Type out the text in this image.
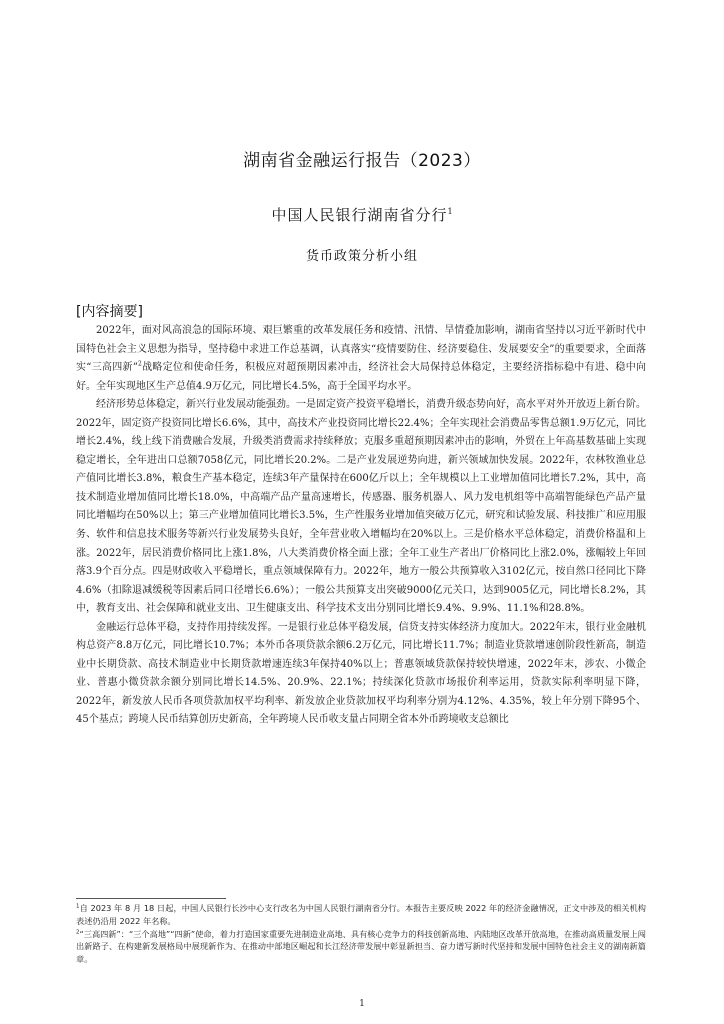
湖南省金融运行报告（2023）
中国人民银行湖南省分行$^1$
货币政策分析小组
[内容摘要]

2022年，面对风高浪急的国际环境、艰巨繁重的改革发展任务和疫情、汛情、旱情叠加影响，湖南省坚持以习近平新时代中国特色社会主义思想为指导，坚持稳中求进工作总基调，认真落实“疫情要防住、经济要稳住、发展要安全”的重要要求，全面落实“三高四新”$^2$战略定位和使命任务，积极应对超预期因素冲击，经济社会大局保持总体稳定，主要经济指标稳中有进、稳中向好。全年实现地区生产总值4.9万亿元，同比增长4.5%，高于全国平均水平。

经济形势总体稳定，新兴行业发展动能强劲。一是固定资产投资平稳增长，消费升级态势向好，高水平对外开放迈上新台阶。2022年，固定资产投资同比增长6.6%，其中，高技术产业投资同比增长22.4%；全年实现社会消费品零售总额1.9万亿元，同比增长2.4%，线上线下消费融合发展，升级类消费需求持续释放；克服多重超预期因素冲击的影响，外贸在上年高基数基础上实现稳定增长，全年进出口总额7058亿元，同比增长20.2%。二是产业发展逆势向进，新兴领域加快发展。2022年，农林牧渔业总产值同比增长3.8%，粮食生产基本稳定，连续3年产量保持在600亿斤以上；全年规模以上工业增加值同比增长7.2%，其中，高技术制造业增加值同比增长18.0%，中高端产品产量高速增长，传感器、服务机器人、风力发电机组等中高端智能绿色产品产量同比增幅均在50%以上；第三产业增加值同比增长3.5%，生产性服务业增加值突破万亿元，研究和试验发展、科技推广和应用服务、软件和信息技术服务等新兴行业发展势头良好，全年营业收入增幅均在20%以上。三是价格水平总体稳定，消费价格温和上涨。2022年，居民消费价格同比上涨1.8%，八大类消费价格全面上涨；全年工业生产者出厂价格同比上涨2.0%，涨幅较上年回落3.9个百分点。四是财政收入平稳增长，重点领域保障有力。2022年，地方一般公共预算收入3102亿元，按自然口径同比下降4.6%（扣除退减缓税等因素后同口径增长6.6%）；一般公共预算支出突破9000亿元关口，达到9005亿元，同比增长8.2%，其中，教育支出、社会保障和就业支出、卫生健康支出、科学技术支出分别同比增长9.4%、9.9%、11.1%和28.8%。

金融运行总体平稳，支持作用持续发挥。一是银行业总体平稳发展，信贷支持实体经济力度加大。2022年末，银行业金融机构总资产8.8万亿元，同比增长10.7%；本外币各项贷款余额6.2万亿元，同比增长11.7%；制造业贷款增速创阶段性新高，制造业中长期贷款、高技术制造业中长期贷款增速连续3年保持40%以上；普惠领域贷款保持较快增速，2022年末，涉农、小微企业、普惠小微贷款余额分别同比增长14.5%、20.9%、22.1%；持续深化贷款市场报价利率运用，贷款实际利率明显下降，2022年，新发放人民币各项贷款加权平均利率、新发放企业贷款加权平均利率分别为4.12%、4.35%，较上年分别下降95个、45个基点；跨境人民币结算创历史新高，全年跨境人民币收支量占同期全省本外币跨境收支总额比

$^1$自 2023 年 8 月 18 日起，中国人民银行长沙中心支行改名为中国人民银行湖南省分行。本报告主要反映 2022 年的经济金融情况，正文中涉及的相关机构表述仍沿用 2022 年名称。

$^2$“三高四新”：“三个高地”“四新”使命，着力打造国家重要先进制造业高地、具有核心竞争力的科技创新高地、内陆地区改革开放高地，在推动高质量发展上闯出新路子、在构建新发展格局中展现新作为、在推动中部地区崛起和长江经济带发展中彰显新担当、奋力谱写新时代坚持和发展中国特色社会主义的湖南新篇章。

1
